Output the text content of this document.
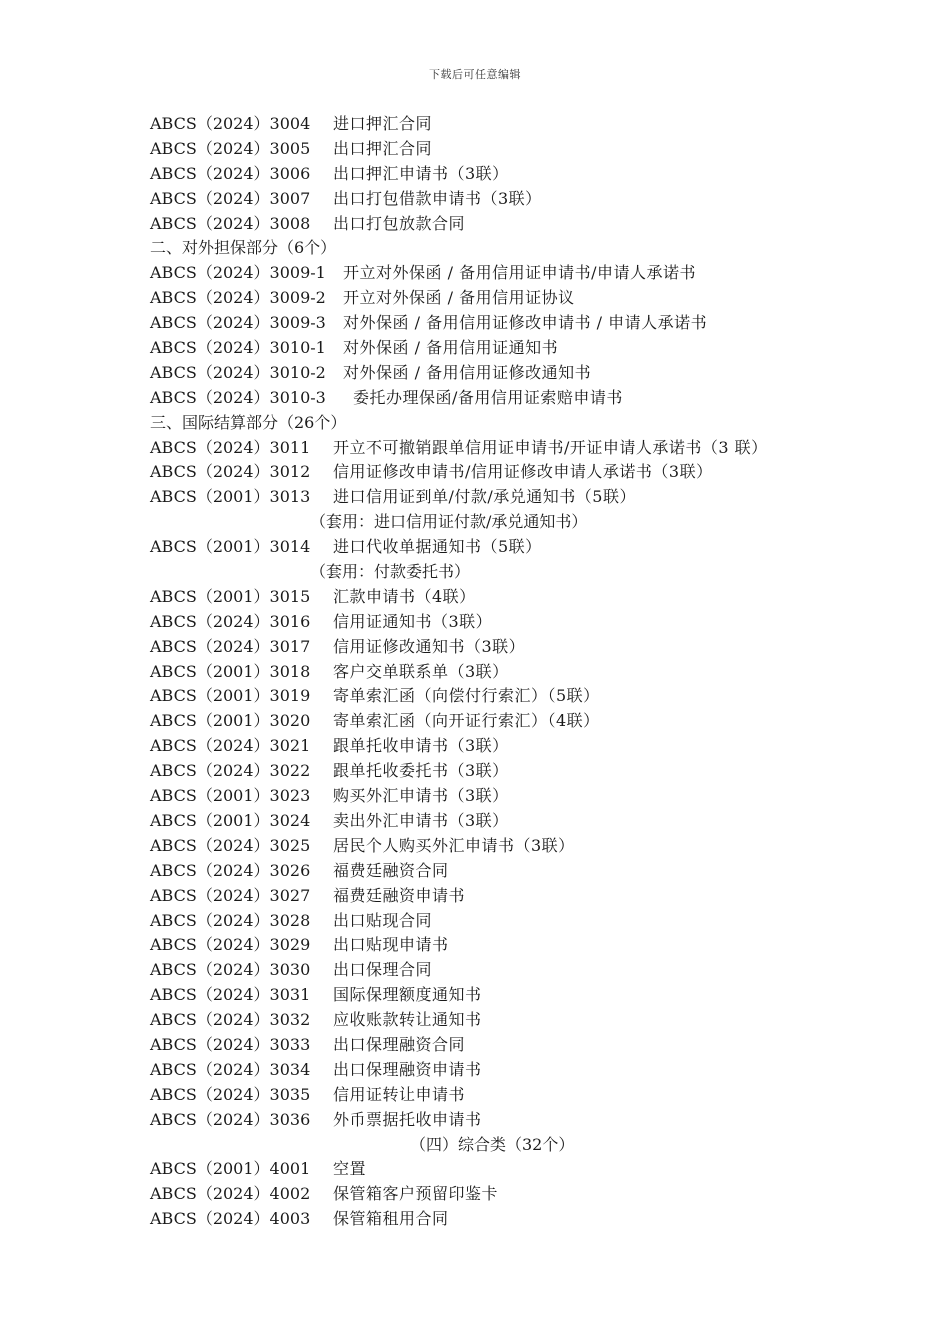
下载后可任意编辑
ABCS（2024）3004 进口押汇合同
ABCS（2024）3005 出口押汇合同
ABCS（2024）3006 出口押汇申请书（3联）
ABCS（2024）3007 出口打包借款申请书（3联）
ABCS（2024）3008 出口打包放款合同
二、对外担保部分（6个）
ABCS（2024）3009-1 开立对外保函 / 备用信用证申请书/申请人承诺书
ABCS（2024）3009-2 开立对外保函 / 备用信用证协议
ABCS（2024）3009-3 对外保函 / 备用信用证修改申请书 / 申请人承诺书
ABCS（2024）3010-1 对外保函 / 备用信用证通知书
ABCS（2024）3010-2 对外保函 / 备用信用证修改通知书
ABCS（2024）3010-3 委托办理保函/备用信用证索赔申请书
三、国际结算部分（26个）
ABCS（2024）3011 开立不可撤销跟单信用证申请书/开证申请人承诺书（3 联）
ABCS（2024）3012 信用证修改申请书/信用证修改申请人承诺书（3联）
ABCS（2001）3013 进口信用证到单/付款/承兑通知书（5联）
（套用：进口信用证付款/承兑通知书）
ABCS（2001）3014 进口代收单据通知书（5联）
（套用：付款委托书）
ABCS（2001）3015 汇款申请书（4联）
ABCS（2024）3016 信用证通知书（3联）
ABCS（2024）3017 信用证修改通知书（3联）
ABCS（2001）3018 客户交单联系单（3联）
ABCS（2001）3019 寄单索汇函（向偿付行索汇）（5联）
ABCS（2001）3020 寄单索汇函（向开证行索汇）（4联）
ABCS（2024）3021 跟单托收申请书（3联）
ABCS（2024）3022 跟单托收委托书（3联）
ABCS（2001）3023 购买外汇申请书（3联）
ABCS（2001）3024 卖出外汇申请书（3联）
ABCS（2024）3025 居民个人购买外汇申请书（3联）
ABCS（2024）3026 福费廷融资合同
ABCS（2024）3027 福费廷融资申请书
ABCS（2024）3028 出口贴现合同
ABCS（2024）3029 出口贴现申请书
ABCS（2024）3030 出口保理合同
ABCS（2024）3031 国际保理额度通知书
ABCS（2024）3032 应收账款转让通知书
ABCS（2024）3033 出口保理融资合同
ABCS（2024）3034 出口保理融资申请书
ABCS（2024）3035 信用证转让申请书
ABCS（2024）3036 外币票据托收申请书
（四）综合类（32个）
ABCS（2001）4001 空置
ABCS（2024）4002 保管箱客户预留印鉴卡
ABCS（2024）4003 保管箱租用合同
